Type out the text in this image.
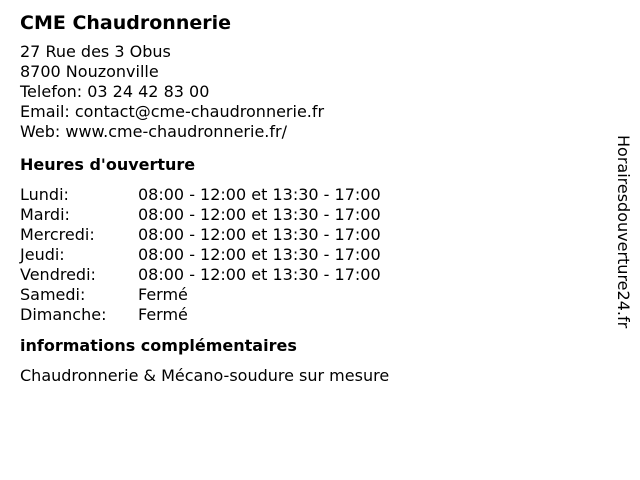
CME Chaudronnerie
27 Rue des 3 Obus
8700 Nouzonville
Telefon: 03 24 42 83 00
Email: contact@cme-chaudronnerie.fr
Web: www.cme-chaudronnerie.fr/
Heures d'ouverture
Lundi:	08:00 - 12:00 et 13:30 - 17:00
Mardi:	08:00 - 12:00 et 13:30 - 17:00
Mercredi:	08:00 - 12:00 et 13:30 - 17:00
Jeudi:	08:00 - 12:00 et 13:30 - 17:00
Vendredi:	08:00 - 12:00 et 13:30 - 17:00
Samedi:	Fermé
Dimanche:	Fermé
informations complémentaires
Chaudronnerie & Mécano-soudure sur mesure
Horairesdouverture24.fr
